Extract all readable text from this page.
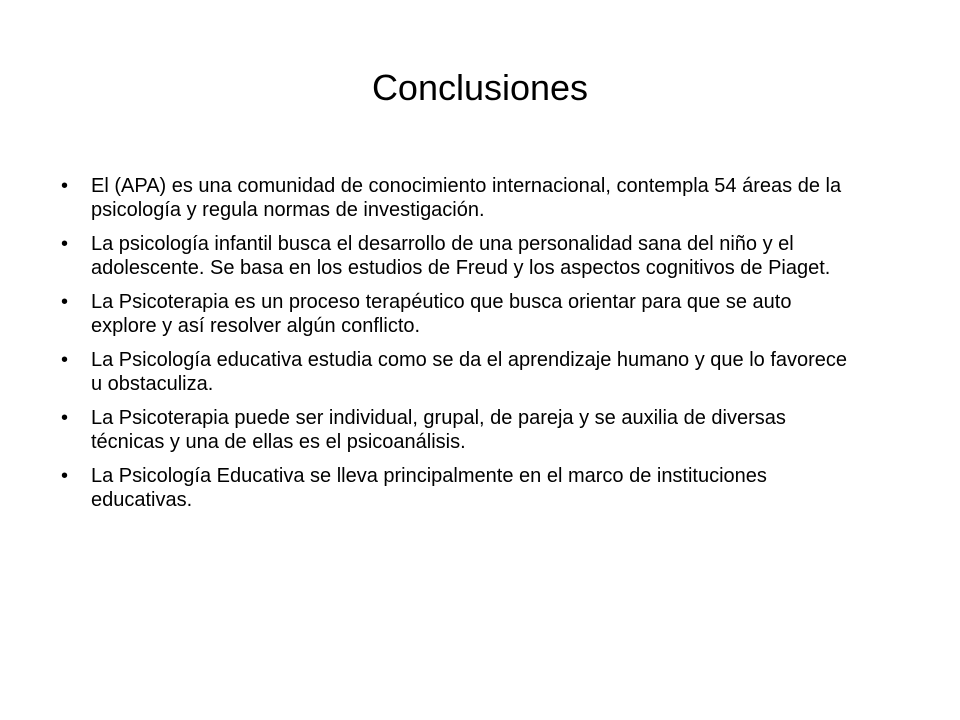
Conclusiones
•	El (APA) es una comunidad de conocimiento internacional, contempla 54 áreas de la psicología y regula normas de investigación.
•	La psicología infantil busca el desarrollo de una personalidad sana del niño y el adolescente. Se basa en los estudios de Freud y los aspectos cognitivos de Piaget.
•	La Psicoterapia es un proceso terapéutico que busca orientar para que se auto explore y así resolver algún conflicto.
•	La Psicología educativa estudia como se da el aprendizaje humano y que lo favorece u obstaculiza.
•	La Psicoterapia puede ser individual, grupal, de pareja y se auxilia de diversas técnicas y una de ellas es el psicoanálisis.
•	La Psicología Educativa se lleva principalmente en el marco de instituciones educativas.
